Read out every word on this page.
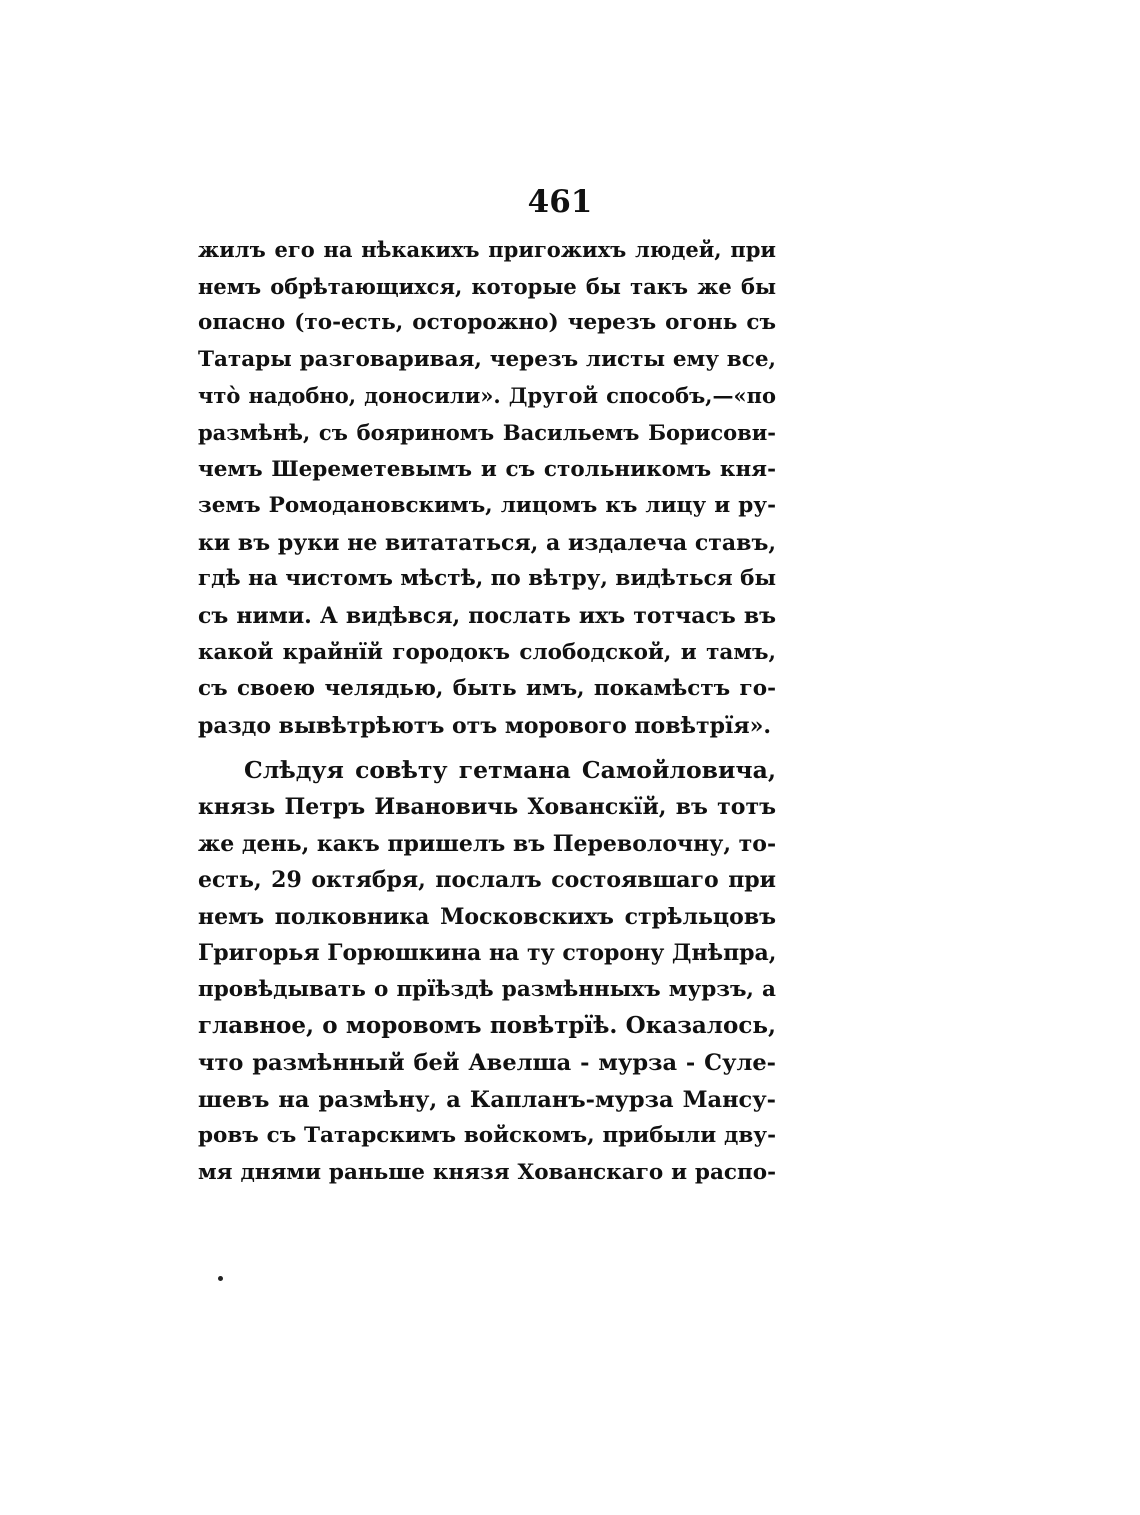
461
жилъ его на нѣкакихъ пригожихъ людей, при
немъ обрѣтающихся, которые бы такъ же бы
опасно (то-есть, осторожно) черезъ огонь съ
Татары разговаривая, черезъ листы ему все,
что̀ надобно, доносили». Другой способъ,—«по
размѣнѣ, съ бояриномъ Васильемъ Борисови-
чемъ Шереметевымъ и съ стольникомъ кня-
земъ Ромодановскимъ, лицомъ къ лицу и ру-
ки въ руки не витататься, а издалеча ставъ,
гдѣ на чистомъ мѣстѣ, по вѣтру, видѣться бы
съ ними. А видѣвся, послать ихъ тотчасъ въ
какой крайнїй городокъ слободской, и тамъ,
съ своею челядью, быть имъ, покамѣстъ го-
раздо вывѣтрѣютъ отъ морового повѣтрїя».
Слѣдуя совѣту гетмана Самойловича,
князь Петръ Ивановичь Хованскїй, въ тотъ
же день, какъ пришелъ въ Переволочну, то-
есть, 29 октября, послалъ состоявшаго при
немъ полковника Московскихъ стрѣльцовъ
Григорья Горюшкина на ту сторону Днѣпра,
провѣдывать о прїѣздѣ размѣнныхъ мурзъ, а
главное, о моровомъ повѣтрїѣ. Оказалось,
что размѣнный бей Авелша - мурза - Суле-
шевъ на размѣну, а Капланъ-мурза Мансу-
ровъ съ Татарскимъ войскомъ, прибыли дву-
мя днями раньше князя Хованскаго и распо-
